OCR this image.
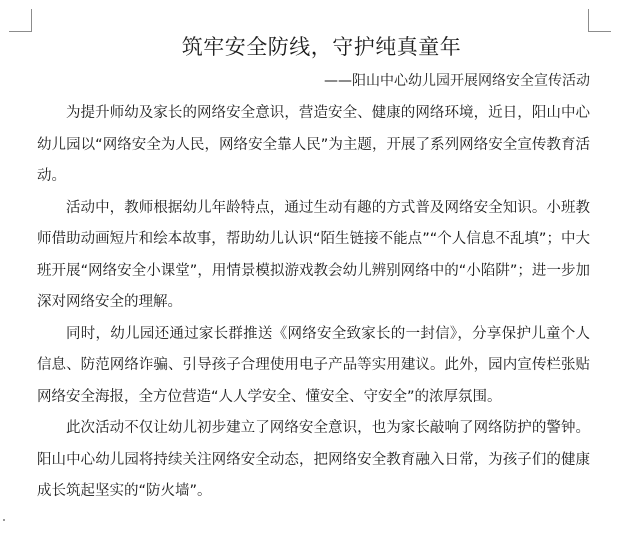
筑牢安全防线，守护纯真童年
——阳山中心幼儿园开展网络安全宣传活动

为提升师幼及家长的网络安全意识，营造安全、健康的网络环境，近日，阳山中心幼儿园以“网络安全为人民，网络安全靠人民”为主题，开展了系列网络安全宣传教育活动。

活动中，教师根据幼儿年龄特点，通过生动有趣的方式普及网络安全知识。小班教师借助动画短片和绘本故事，帮助幼儿认识“陌生链接不能点”“个人信息不乱填”；中大班开展“网络安全小课堂”，用情景模拟游戏教会幼儿辨别网络中的“小陷阱”；进一步加深对网络安全的理解。

同时，幼儿园还通过家长群推送《网络安全致家长的一封信》，分享保护儿童个人信息、防范网络诈骗、引导孩子合理使用电子产品等实用建议。此外，园内宣传栏张贴网络安全海报，全方位营造“人人学安全、懂安全、守安全”的浓厚氛围。

此次活动不仅让幼儿初步建立了网络安全意识，也为家长敲响了网络防护的警钟。阳山中心幼儿园将持续关注网络安全动态，把网络安全教育融入日常，为孩子们的健康成长筑起坚实的“防火墙”。
